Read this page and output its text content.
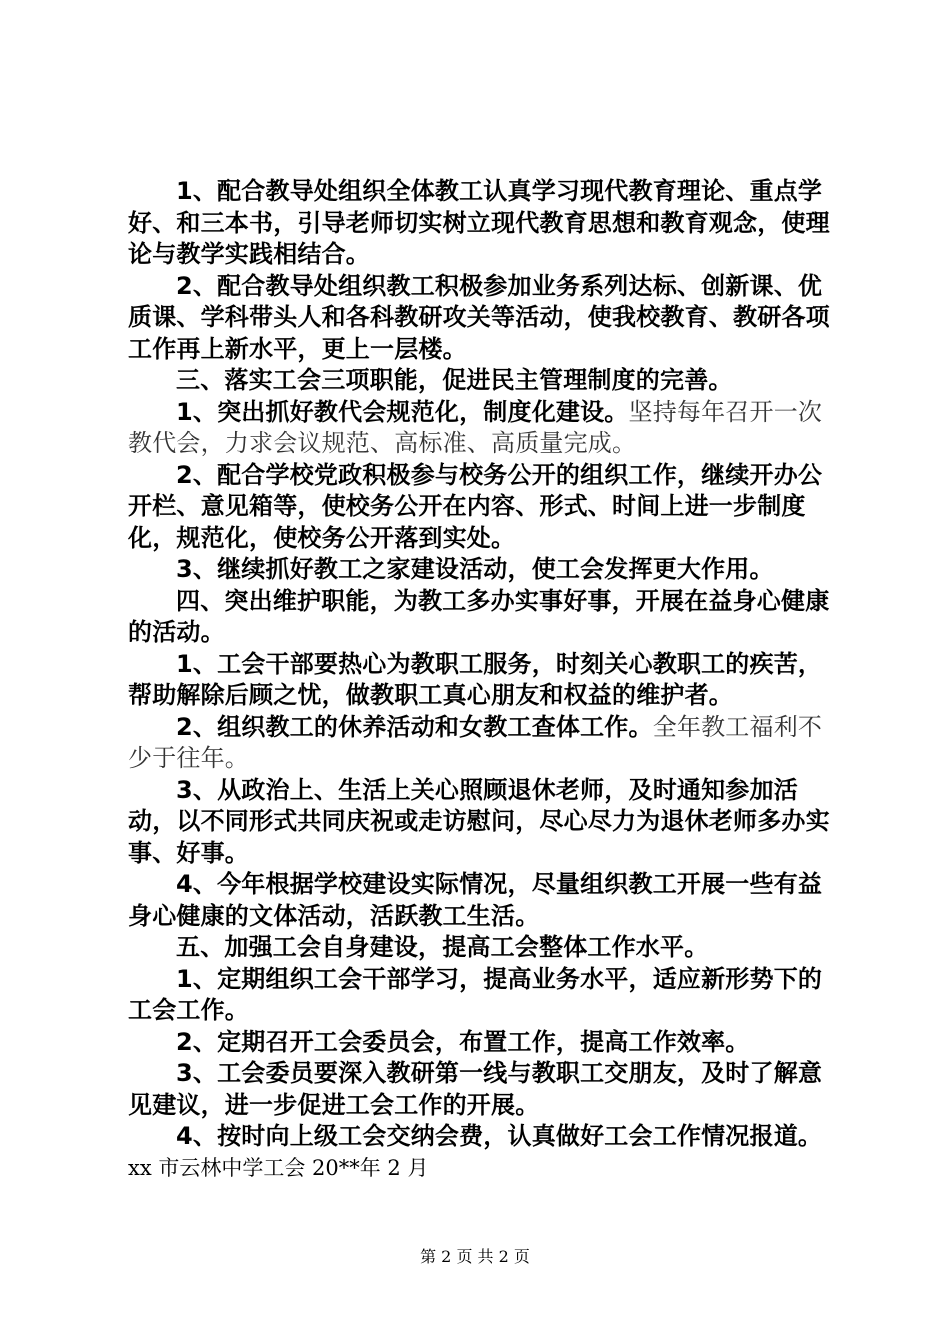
1、配合教导处组织全体教工认真学习现代教育理论、重点学好、和三本书，引导老师切实树立现代教育思想和教育观念，使理论与教学实践相结合。

2、配合教导处组织教工积极参加业务系列达标、创新课、优质课、学科带头人和各科教研攻关等活动，使我校教育、教研各项工作再上新水平，更上一层楼。

三、落实工会三项职能，促进民主管理制度的完善。

1、突出抓好教代会规范化，制度化建设。坚持每年召开一次教代会，力求会议规范、高标准、高质量完成。

2、配合学校党政积极参与校务公开的组织工作，继续开办公开栏、意见箱等，使校务公开在内容、形式、时间上进一步制度化，规范化，使校务公开落到实处。

3、继续抓好教工之家建设活动，使工会发挥更大作用。

四、突出维护职能，为教工多办实事好事，开展在益身心健康的活动。

1、工会干部要热心为教职工服务，时刻关心教职工的疾苦，帮助解除后顾之忧，做教职工真心朋友和权益的维护者。

2、组织教工的休养活动和女教工查体工作。全年教工福利不少于往年。

3、从政治上、生活上关心照顾退休老师，及时通知参加活动，以不同形式共同庆祝或走访慰问，尽心尽力为退休老师多办实事、好事。

4、今年根据学校建设实际情况，尽量组织教工开展一些有益身心健康的文体活动，活跃教工生活。

五、加强工会自身建设，提高工会整体工作水平。

1、定期组织工会干部学习，提高业务水平，适应新形势下的工会工作。

2、定期召开工会委员会，布置工作，提高工作效率。

3、工会委员要深入教研第一线与教职工交朋友，及时了解意见建议，进一步促进工会工作的开展。

4、按时向上级工会交纳会费，认真做好工会工作情况报道。

xx 市云林中学工会 20**年 2 月

第 2 页 共 2 页
